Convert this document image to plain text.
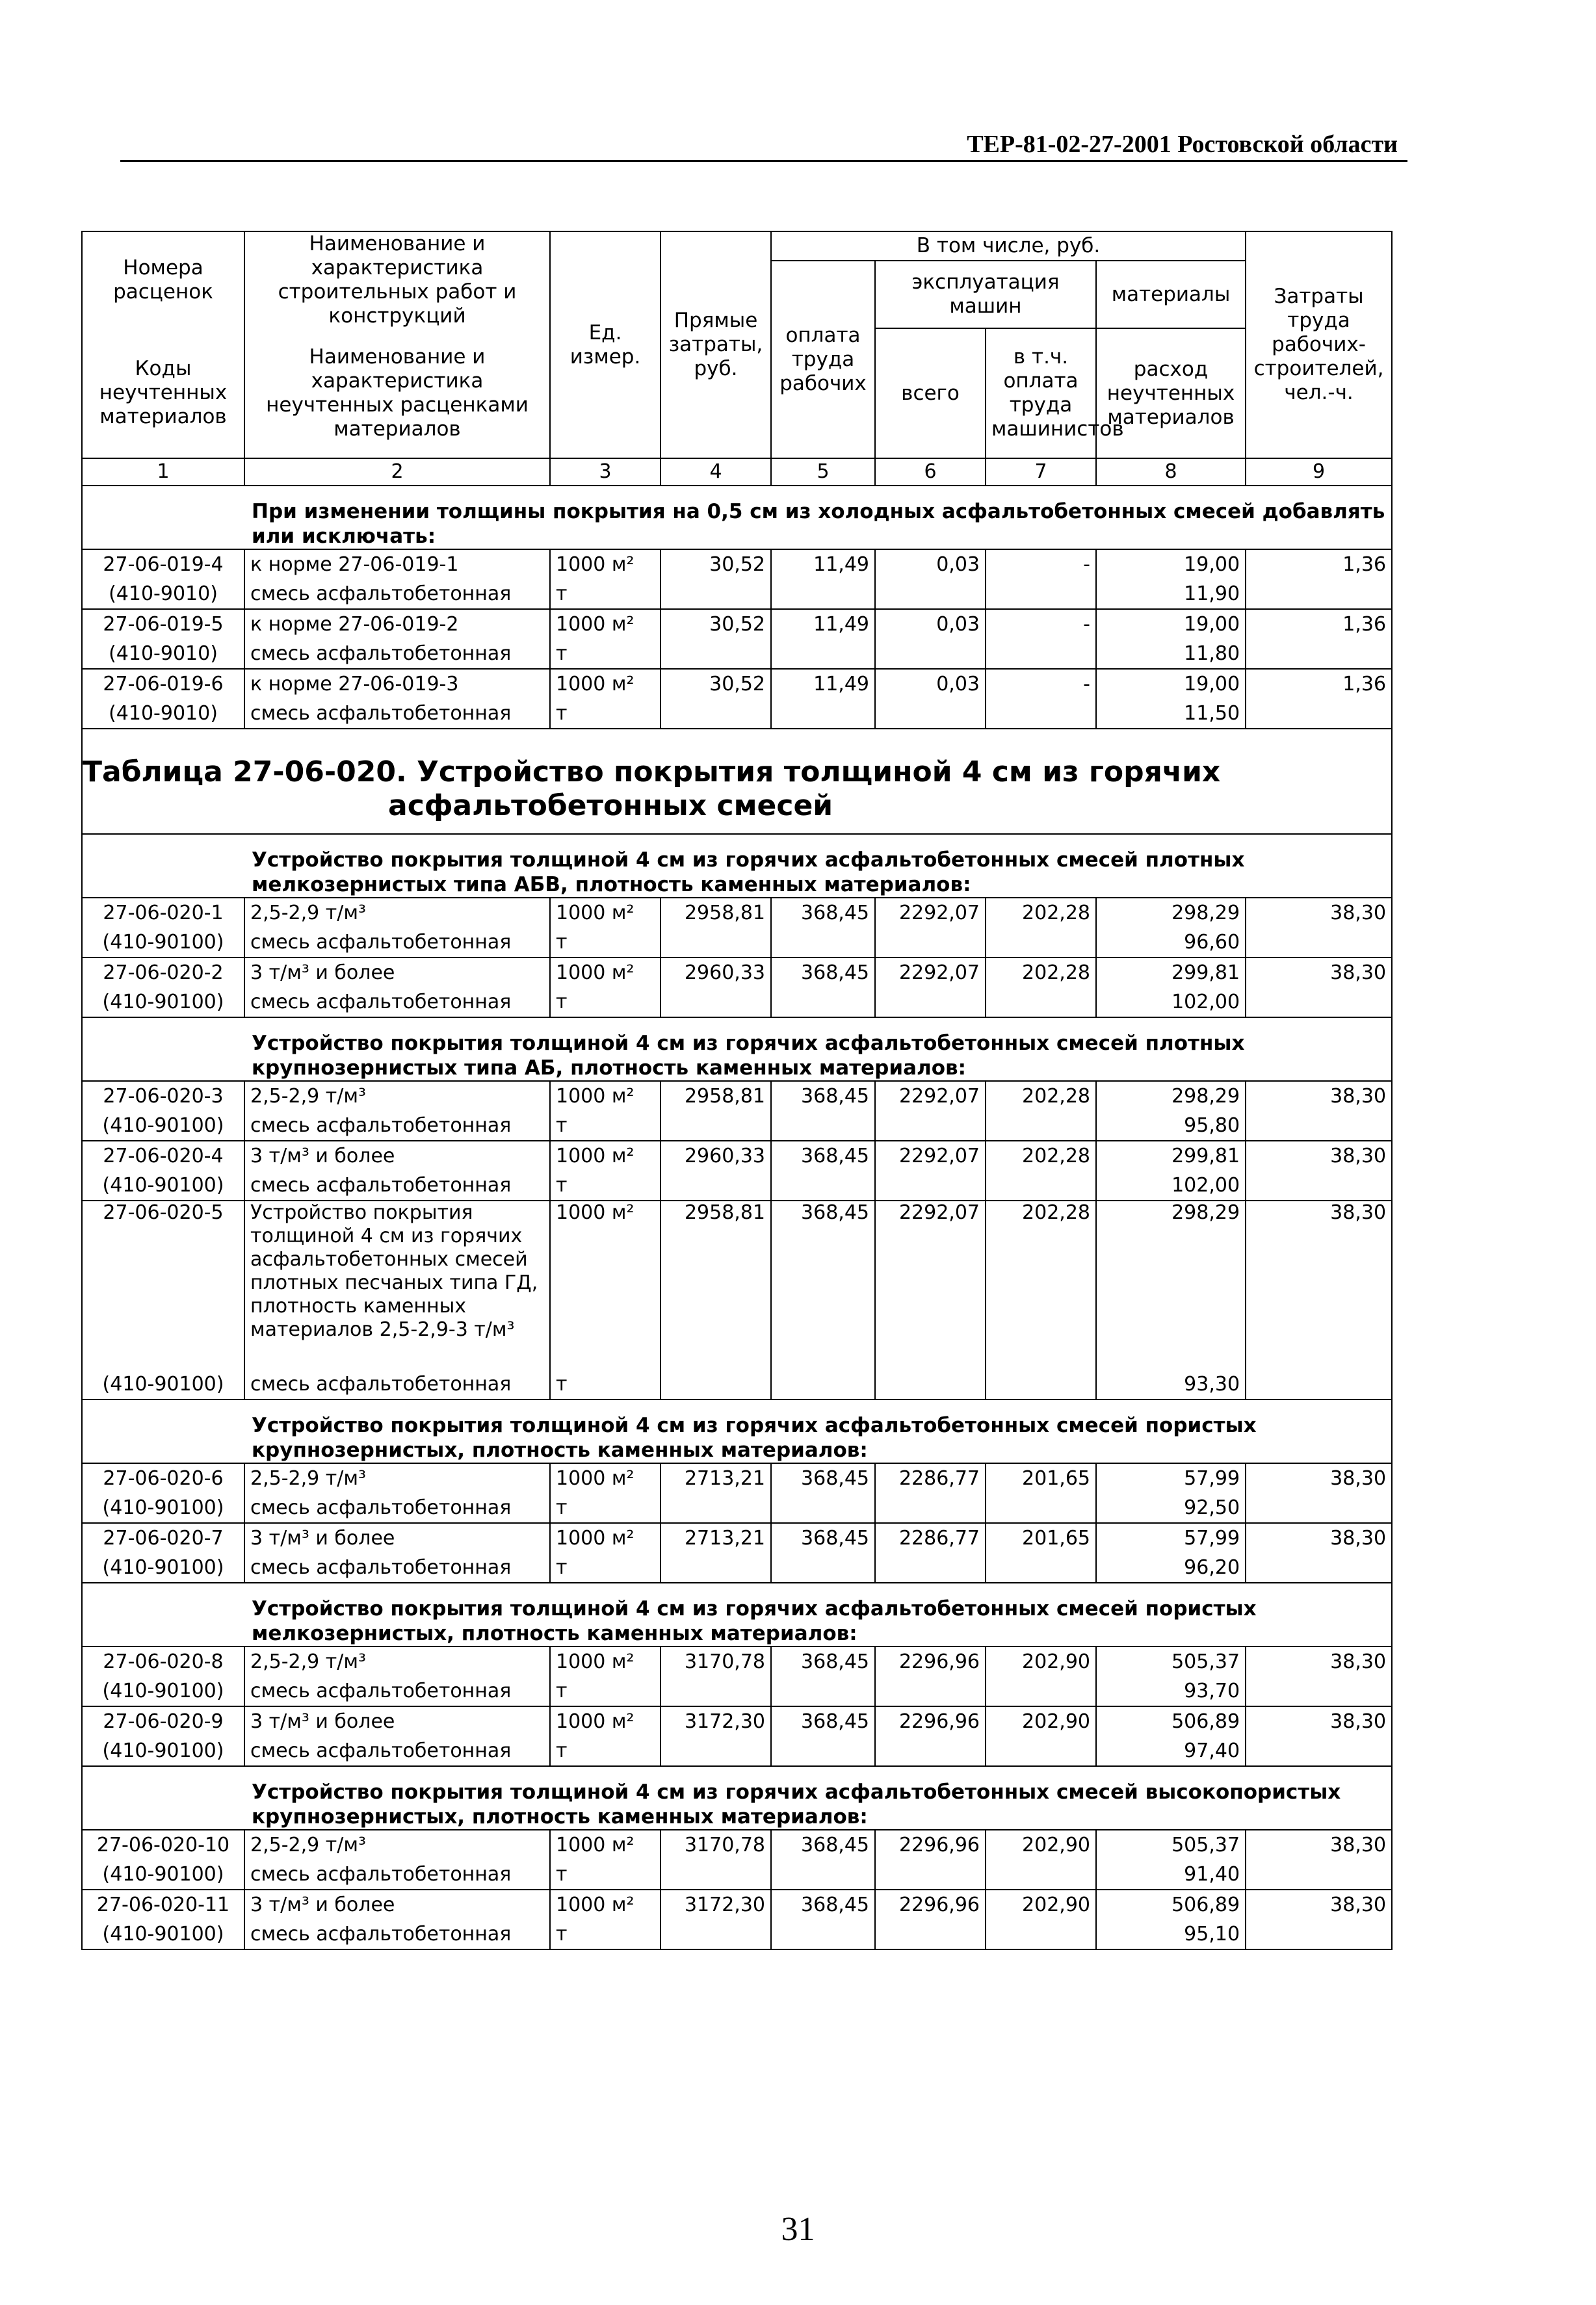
ТЕР-81-02-27-2001 Ростовской области
Номера расценок	Наименование и характеристика строительных работ и конструкций	Ед. измер.	Прямые затраты, руб.	В том числе, руб.				Затраты труда рабочих-строителей, чел.-ч.
				оплата труда рабочих	эксплуатация машин		материалы	

Коды неучтенных материалов	Наименование и характеристика неучтенных расценками материалов				всего	в т.ч. оплата труда машинистов	расход неучтенных материалов	

1	2	3	4	5	6	7	8	9
При изменении толщины покрытия на 0,5 см из холодных асфальтобетонных смесей добавлять или исключать:								
27-06-019-4	к норме 27-06-019-1	1000 м²	30,52	11,49	0,03	-	19,00	1,36
(410-9010)	смесь асфальтобетонная	т					11,90	
27-06-019-5	к норме 27-06-019-2	1000 м²	30,52	11,49	0,03	-	19,00	1,36
(410-9010)	смесь асфальтобетонная	т					11,80	
27-06-019-6	к норме 27-06-019-3	1000 м²	30,52	11,49	0,03	-	19,00	1,36
(410-9010)	смесь асфальтобетонная	т					11,50	

Таблица 27-06-020. Устройство покрытия толщиной 4 см из горячих
асфальтобетонных смесей								

Устройство покрытия толщиной 4 см из горячих асфальтобетонных смесей плотных мелкозернистых типа АБВ, плотность каменных материалов:								
27-06-020-1	2,5-2,9 т/м³	1000 м²	2958,81	368,45	2292,07	202,28	298,29	38,30
(410-90100)	смесь асфальтобетонная	т					96,60	
27-06-020-2	3 т/м³ и более	1000 м²	2960,33	368,45	2292,07	202,28	299,81	38,30
(410-90100)	смесь асфальтобетонная	т					102,00	
Устройство покрытия толщиной 4 см из горячих асфальтобетонных смесей плотных крупнозернистых типа АБ, плотность каменных материалов:								
27-06-020-3	2,5-2,9 т/м³	1000 м²	2958,81	368,45	2292,07	202,28	298,29	38,30
(410-90100)	смесь асфальтобетонная	т					95,80	
27-06-020-4	3 т/м³ и более	1000 м²	2960,33	368,45	2292,07	202,28	299,81	38,30
(410-90100)	смесь асфальтобетонная	т					102,00	
27-06-020-5	Устройство покрытия толщиной 4 см из горячих асфальтобетонных смесей плотных песчаных типа ГД, плотность каменных материалов 2,5-2,9-3 т/м³	1000 м²	2958,81	368,45	2292,07	202,28	298,29	38,30
(410-90100)	смесь асфальтобетонная	т					93,30	
Устройство покрытия толщиной 4 см из горячих асфальтобетонных смесей пористых крупнозернистых, плотность каменных материалов:								
27-06-020-6	2,5-2,9 т/м³	1000 м²	2713,21	368,45	2286,77	201,65	57,99	38,30
(410-90100)	смесь асфальтобетонная	т					92,50	
27-06-020-7	3 т/м³ и более	1000 м²	2713,21	368,45	2286,77	201,65	57,99	38,30
(410-90100)	смесь асфальтобетонная	т					96,20	
Устройство покрытия толщиной 4 см из горячих асфальтобетонных смесей пористых мелкозернистых, плотность каменных материалов:								
27-06-020-8	2,5-2,9 т/м³	1000 м²	3170,78	368,45	2296,96	202,90	505,37	38,30
(410-90100)	смесь асфальтобетонная	т					93,70	
27-06-020-9	3 т/м³ и более	1000 м²	3172,30	368,45	2296,96	202,90	506,89	38,30
(410-90100)	смесь асфальтобетонная	т					97,40	
Устройство покрытия толщиной 4 см из горячих асфальтобетонных смесей высокопористых крупнозернистых, плотность каменных материалов:								
27-06-020-10	2,5-2,9 т/м³	1000 м²	3170,78	368,45	2296,96	202,90	505,37	38,30
(410-90100)	смесь асфальтобетонная	т					91,40	
27-06-020-11	3 т/м³ и более	1000 м²	3172,30	368,45	2296,96	202,90	506,89	38,30
(410-90100)	смесь асфальтобетонная	т					95,10	
31
